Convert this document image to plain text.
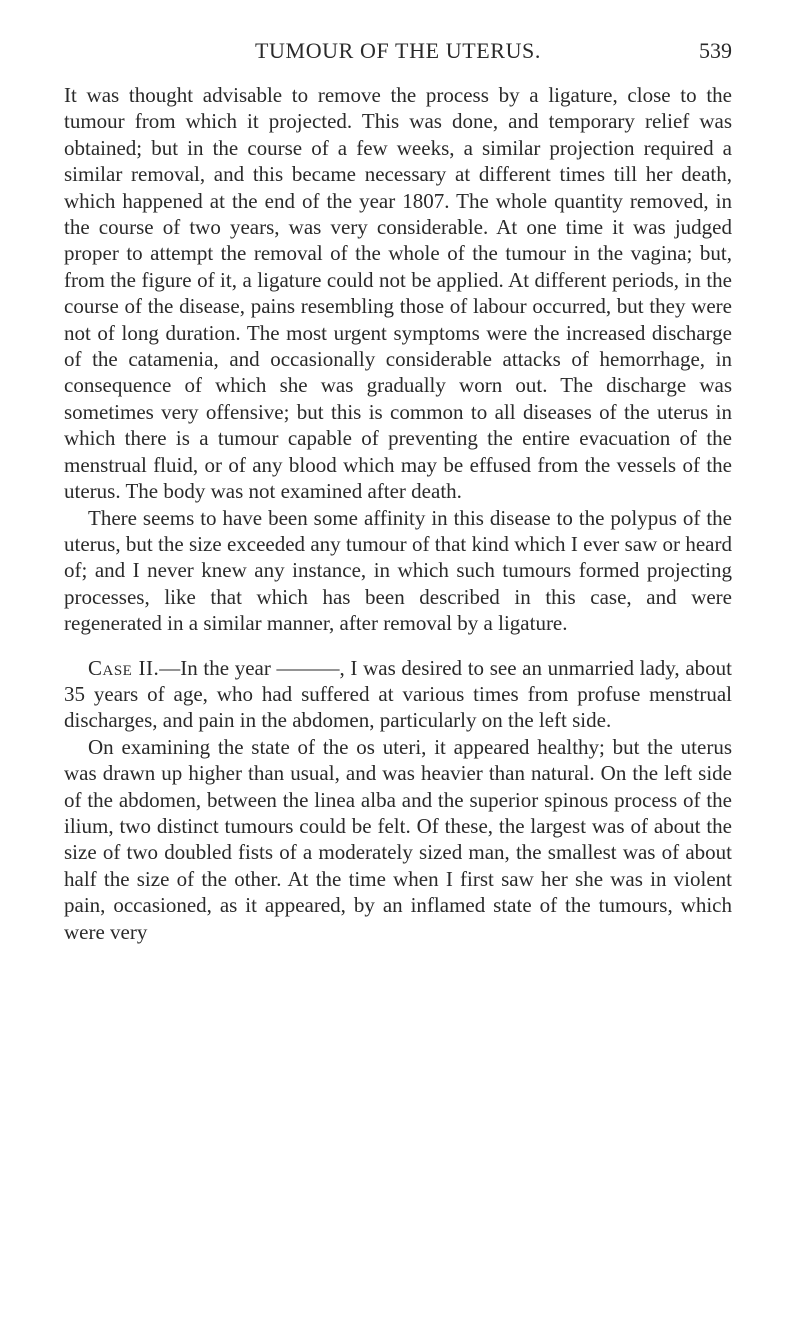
TUMOUR OF THE UTERUS.	539

It was thought advisable to remove the process by a ligature, close to the tumour from which it projected. This was done, and temporary relief was obtained; but in the course of a few weeks, a similar projection required a similar removal, and this became necessary at different times till her death, which happened at the end of the year 1807. The whole quantity removed, in the course of two years, was very considerable. At one time it was judged proper to attempt the removal of the whole of the tumour in the vagina; but, from the figure of it, a ligature could not be applied. At different periods, in the course of the disease, pains resembling those of labour occurred, but they were not of long duration. The most urgent symptoms were the increased discharge of the catamenia, and occasionally considerable attacks of hemorrhage, in consequence of which she was gradually worn out. The discharge was sometimes very offensive; but this is common to all diseases of the uterus in which there is a tumour capable of preventing the entire evacuation of the menstrual fluid, or of any blood which may be effused from the vessels of the uterus. The body was not examined after death.

There seems to have been some affinity in this disease to the polypus of the uterus, but the size exceeded any tumour of that kind which I ever saw or heard of; and I never knew any instance, in which such tumours formed projecting processes, like that which has been described in this case, and were regenerated in a similar manner, after removal by a ligature.

Case II.—In the year ———, I was desired to see an unmarried lady, about 35 years of age, who had suffered at various times from profuse menstrual discharges, and pain in the abdomen, particularly on the left side.

On examining the state of the os uteri, it appeared healthy; but the uterus was drawn up higher than usual, and was heavier than natural. On the left side of the abdomen, between the linea alba and the superior spinous process of the ilium, two distinct tumours could be felt. Of these, the largest was of about the size of two doubled fists of a moderately sized man, the smallest was of about half the size of the other. At the time when I first saw her she was in violent pain, occasioned, as it appeared, by an inflamed state of the tumours, which were very
